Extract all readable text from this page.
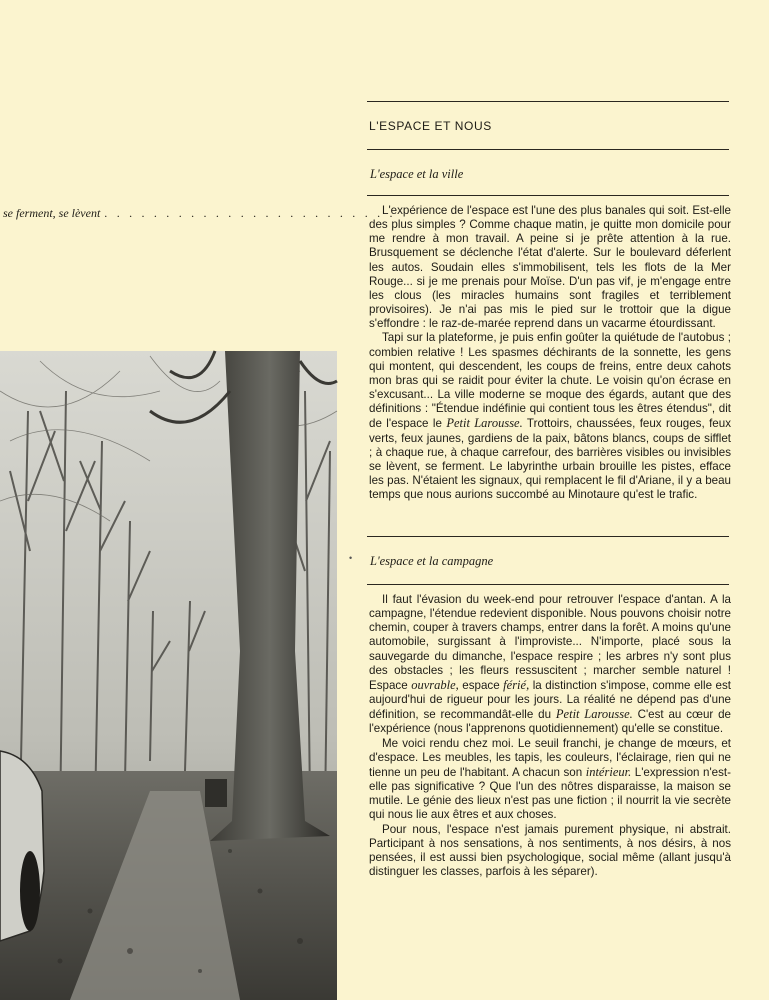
L'ESPACE ET NOUS
L'espace et la ville
se ferment, se lèvent . . . . . . . . . . . . . . . . . . . . . . . .

L'expérience de l'espace est l'une des plus banales qui soit. Est-elle des plus simples ? Comme chaque matin, je quitte mon domicile pour me rendre à mon travail. A peine si je prête attention à la rue. Brusquement se déclenche l'état d'alerte. Sur le boulevard déferlent les autos. Soudain elles s'immobilisent, tels les flots de la Mer Rouge... si je me prenais pour Moïse. D'un pas vif, je m'engage entre les clous (les miracles humains sont fragiles et terriblement provisoires). Je n'ai pas mis le pied sur le trottoir que la digue s'effondre : le raz-de-marée reprend dans un vacarme étourdissant.

Tapi sur la plateforme, je puis enfin goûter la quiétude de l'autobus ; combien relative ! Les spasmes déchirants de la sonnette, les gens qui montent, qui descendent, les coups de freins, entre deux cahots mon bras qui se raidit pour éviter la chute. Le voisin qu'on écrase en s'excusant... La ville moderne se moque des égards, autant que des définitions : "Étendue indéfinie qui contient tous les êtres étendus", dit de l'espace le Petit Larousse. Trottoirs, chaussées, feux rouges, feux verts, feux jaunes, gardiens de la paix, bâtons blancs, coups de sifflet ; à chaque rue, à chaque carrefour, des barrières visibles ou invisibles se lèvent, se ferment. Le labyrinthe urbain brouille les pistes, efface les pas. N'étaient les signaux, qui remplacent le fil d'Ariane, il y a beau temps que nous aurions succombé au Minotaure qu'est le trafic.

L'espace et la campagne
•

Il faut l'évasion du week-end pour retrouver l'espace d'antan. A la campagne, l'étendue redevient disponible. Nous pouvons choisir notre chemin, couper à travers champs, entrer dans la forêt. A moins qu'une automobile, surgissant à l'improviste... N'importe, placé sous la sauvegarde du dimanche, l'espace respire ; les arbres n'y sont plus des obstacles ; les fleurs ressuscitent ; marcher semble naturel ! Espace ouvrable, espace férié, la distinction s'impose, comme elle est aujourd'hui de rigueur pour les jours. La réalité ne dépend pas d'une définition, se recommandât-elle du Petit Larousse. C'est au cœur de l'expérience (nous l'apprenons quotidiennement) qu'elle se constitue.

Me voici rendu chez moi. Le seuil franchi, je change de mœurs, et d'espace. Les meubles, les tapis, les couleurs, l'éclairage, rien qui ne tienne un peu de l'habitant. A chacun son intérieur. L'expression n'est-elle pas significative ? Que l'un des nôtres disparaisse, la maison se mutile. Le génie des lieux n'est pas une fiction ; il nourrit la vie secrète qui nous lie aux êtres et aux choses.

Pour nous, l'espace n'est jamais purement physique, ni abstrait. Participant à nos sensations, à nos sentiments, à nos désirs, à nos pensées, il est aussi bien psychologique, social même (allant jusqu'à distinguer les classes, parfois à les séparer).
